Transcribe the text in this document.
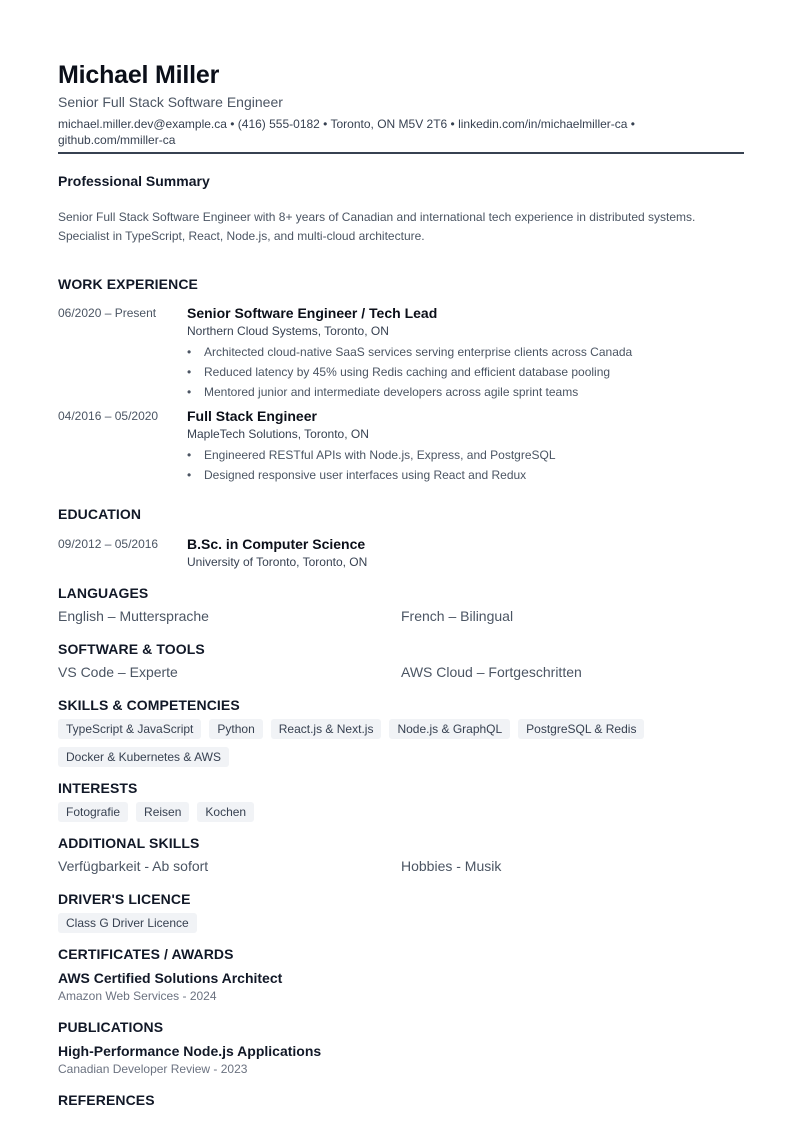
Michael Miller
Senior Full Stack Software Engineer
michael.miller.dev@example.ca • (416) 555-0182 • Toronto, ON M5V 2T6 • linkedin.com/in/michaelmiller-ca • github.com/mmiller-ca
Professional Summary
Senior Full Stack Software Engineer with 8+ years of Canadian and international tech experience in distributed systems. Specialist in TypeScript, React, Node.js, and multi-cloud architecture.
WORK EXPERIENCE
06/2020 – Present	Senior Software Engineer / Tech Lead
Northern Cloud Systems, Toronto, ON
• Architected cloud-native SaaS services serving enterprise clients across Canada
• Reduced latency by 45% using Redis caching and efficient database pooling
• Mentored junior and intermediate developers across agile sprint teams
04/2016 – 05/2020	Full Stack Engineer
MapleTech Solutions, Toronto, ON
• Engineered RESTful APIs with Node.js, Express, and PostgreSQL
• Designed responsive user interfaces using React and Redux
EDUCATION
09/2012 – 05/2016	B.Sc. in Computer Science
University of Toronto, Toronto, ON
LANGUAGES
English – Muttersprache	French – Bilingual
SOFTWARE & TOOLS
VS Code – Experte	AWS Cloud – Fortgeschritten
SKILLS & COMPETENCIES
TypeScript & JavaScript	Python	React.js & Next.js	Node.js & GraphQL	PostgreSQL & Redis
Docker & Kubernetes & AWS
INTERESTS
Fotografie	Reisen	Kochen
ADDITIONAL SKILLS
Verfügbarkeit - Ab sofort	Hobbies - Musik
DRIVER'S LICENCE
Class G Driver Licence
CERTIFICATES / AWARDS
AWS Certified Solutions Architect
Amazon Web Services - 2024
PUBLICATIONS
High-Performance Node.js Applications
Canadian Developer Review - 2023
REFERENCES
